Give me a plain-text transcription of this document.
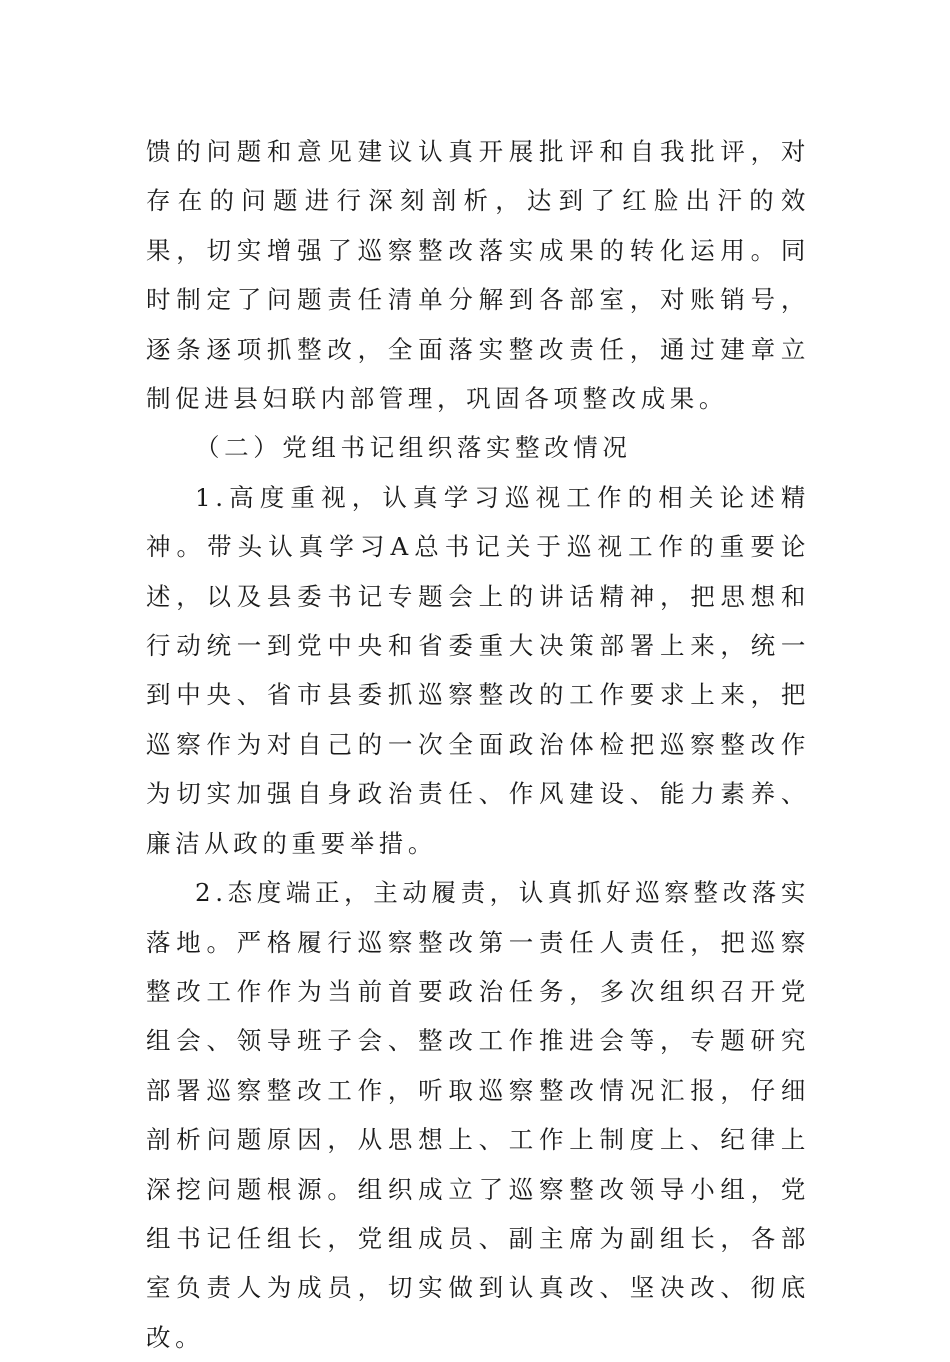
馈的问题和意见建议认真开展批评和自我批评，对存在的问题进行深刻剖析，达到了红脸出汗的效果，切实增强了巡察整改落实成果的转化运用。同时制定了问题责任清单分解到各部室，对账销号，逐条逐项抓整改，全面落实整改责任，通过建章立制促进县妇联内部管理，巩固各项整改成果。

（二）党组书记组织落实整改情况

1.高度重视，认真学习巡视工作的相关论述精神。带头认真学习A总书记关于巡视工作的重要论述，以及县委书记专题会上的讲话精神，把思想和行动统一到党中央和省委重大决策部署上来，统一到中央、省市县委抓巡察整改的工作要求上来，把巡察作为对自己的一次全面政治体检把巡察整改作为切实加强自身政治责任、作风建设、能力素养、廉洁从政的重要举措。

2.态度端正，主动履责，认真抓好巡察整改落实落地。严格履行巡察整改第一责任人责任，把巡察整改工作作为当前首要政治任务，多次组织召开党组会、领导班子会、整改工作推进会等，专题研究部署巡察整改工作，听取巡察整改情况汇报，仔细剖析问题原因，从思想上、工作上制度上、纪律上深挖问题根源。组织成立了巡察整改领导小组，党组书记任组长，党组成员、副主席为副组长，各部室负责人为成员，切实做到认真改、坚决改、彻底改。
